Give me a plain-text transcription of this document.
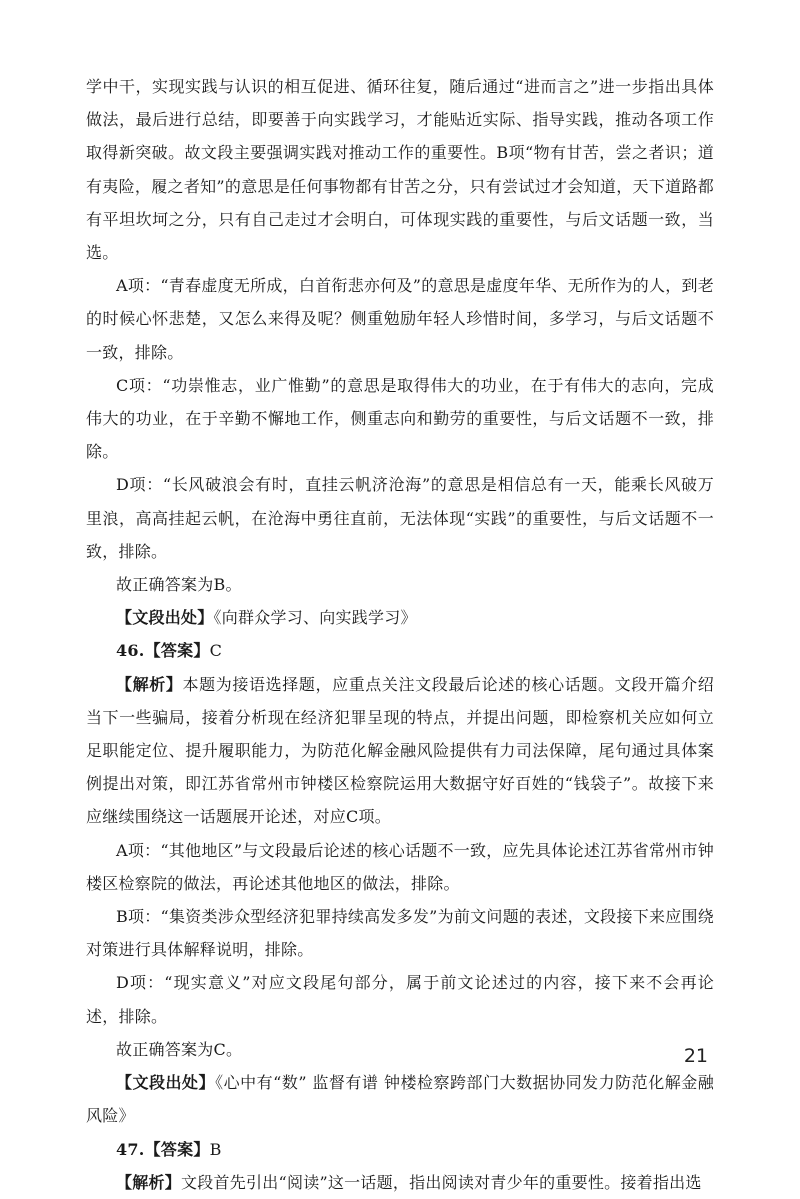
学中干，实现实践与认识的相互促进、循环往复，随后通过“进而言之”进一步指出具体做法，最后进行总结，即要善于向实践学习，才能贴近实际、指导实践，推动各项工作取得新突破。故文段主要强调实践对推动工作的重要性。B项“物有甘苦，尝之者识；道有夷险，履之者知”的意思是任何事物都有甘苦之分，只有尝试过才会知道，天下道路都有平坦坎坷之分，只有自己走过才会明白，可体现实践的重要性，与后文话题一致，当选。

A项：“青春虚度无所成，白首衔悲亦何及”的意思是虚度年华、无所作为的人，到老的时候心怀悲楚，又怎么来得及呢？侧重勉励年轻人珍惜时间，多学习，与后文话题不一致，排除。

C项：“功崇惟志，业广惟勤”的意思是取得伟大的功业，在于有伟大的志向，完成伟大的功业，在于辛勤不懈地工作，侧重志向和勤劳的重要性，与后文话题不一致，排除。

D项：“长风破浪会有时，直挂云帆济沧海”的意思是相信总有一天，能乘长风破万里浪，高高挂起云帆，在沧海中勇往直前，无法体现“实践”的重要性，与后文话题不一致，排除。

故正确答案为B。

【文段出处】《向群众学习、向实践学习》

46.【答案】C

【解析】本题为接语选择题，应重点关注文段最后论述的核心话题。文段开篇介绍当下一些骗局，接着分析现在经济犯罪呈现的特点，并提出问题，即检察机关应如何立足职能定位、提升履职能力，为防范化解金融风险提供有力司法保障，尾句通过具体案例提出对策，即江苏省常州市钟楼区检察院运用大数据守好百姓的“钱袋子”。故接下来应继续围绕这一话题展开论述，对应C项。

A项：“其他地区”与文段最后论述的核心话题不一致，应先具体论述江苏省常州市钟楼区检察院的做法，再论述其他地区的做法，排除。

B项：“集资类涉众型经济犯罪持续高发多发”为前文问题的表述，文段接下来应围绕对策进行具体解释说明，排除。

D项：“现实意义”对应文段尾句部分，属于前文论述过的内容，接下来不会再论述，排除。

故正确答案为C。

【文段出处】《心中有“数” 监督有谱 钟楼检察跨部门大数据协同发力防范化解金融风险》

47.【答案】B

【解析】文段首先引出“阅读”这一话题，指出阅读对青少年的重要性。接着指出选

21
